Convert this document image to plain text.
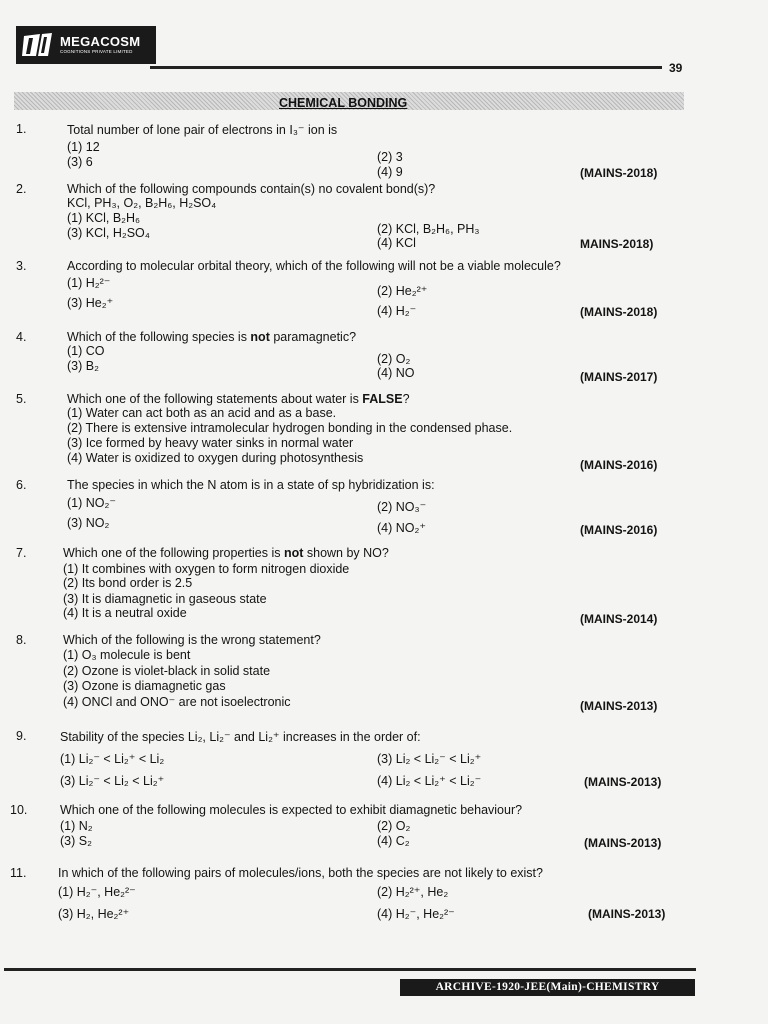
MEGACOSM
COGNITIONS PRIVATE LIMITED
39
CHEMICAL BONDING
1.	Total number of lone pair of electrons in I₃⁻ ion is
(1) 12
(2) 3
(3) 6
(4) 9	(MAINS-2018)
2.	Which of the following compounds contain(s) no covalent bond(s)?
KCl, PH₃, O₂, B₂H₆, H₂SO₄
(1) KCl, B₂H₆
(2) KCl, B₂H₆, PH₃
(3) KCl, H₂SO₄
(4) KCl	MAINS-2018)
3.	According to molecular orbital theory, which of the following will not be a viable molecule?
(1) H₂²⁻
(2) He₂²⁺
(3) He₂⁺
(4) H₂⁻	(MAINS-2018)
4.	Which of the following species is not paramagnetic?
(1) CO
(2) O₂
(3) B₂	(4) NO	(MAINS-2017)
5.	Which one of the following statements about water is FALSE?
(1) Water can act both as an acid and as a base.
(2) There is extensive intramolecular hydrogen bonding in the condensed phase.
(3) Ice formed by heavy water sinks in normal water
(4) Water is oxidized to oxygen during photosynthesis	(MAINS-2016)
6.	The species in which the N atom is in a state of sp hybridization is:
(1) NO₂⁻	(2) NO₃⁻
(3) NO₂	(4) NO₂⁺	(MAINS-2016)
7.	Which one of the following properties is not shown by NO?
(1) It combines with oxygen to form nitrogen dioxide
(2) Its bond order is 2.5
(3) It is diamagnetic in gaseous state
(4) It is a neutral oxide	(MAINS-2014)
8.	Which of the following is the wrong statement?
(1) O₃ molecule is bent
(2) Ozone is violet-black in solid state
(3) Ozone is diamagnetic gas
(4) ONCl and ONO⁻ are not isoelectronic	(MAINS-2013)
9.	Stability of the species Li₂, Li₂⁻ and Li₂⁺ increases in the order of:
(1) Li₂⁻ < Li₂⁺ < Li₂	(3) Li₂ < Li₂⁻ < Li₂⁺
(3) Li₂⁻ < Li₂ < Li₂⁺	(4) Li₂ < Li₂⁺ < Li₂⁻	(MAINS-2013)
10.	Which one of the following molecules is expected to exhibit diamagnetic behaviour?
(1) N₂	(2) O₂
(3) S₂	(4) C₂	(MAINS-2013)
11.	In which of the following pairs of molecules/ions, both the species are not likely to exist?
(1) H₂⁻, He₂²⁻	(2) H₂²⁺, He₂
(3) H₂, He₂²⁺	(4) H₂⁻, He₂²⁻	(MAINS-2013)
ARCHIVE-1920-JEE(Main)-CHEMISTRY
